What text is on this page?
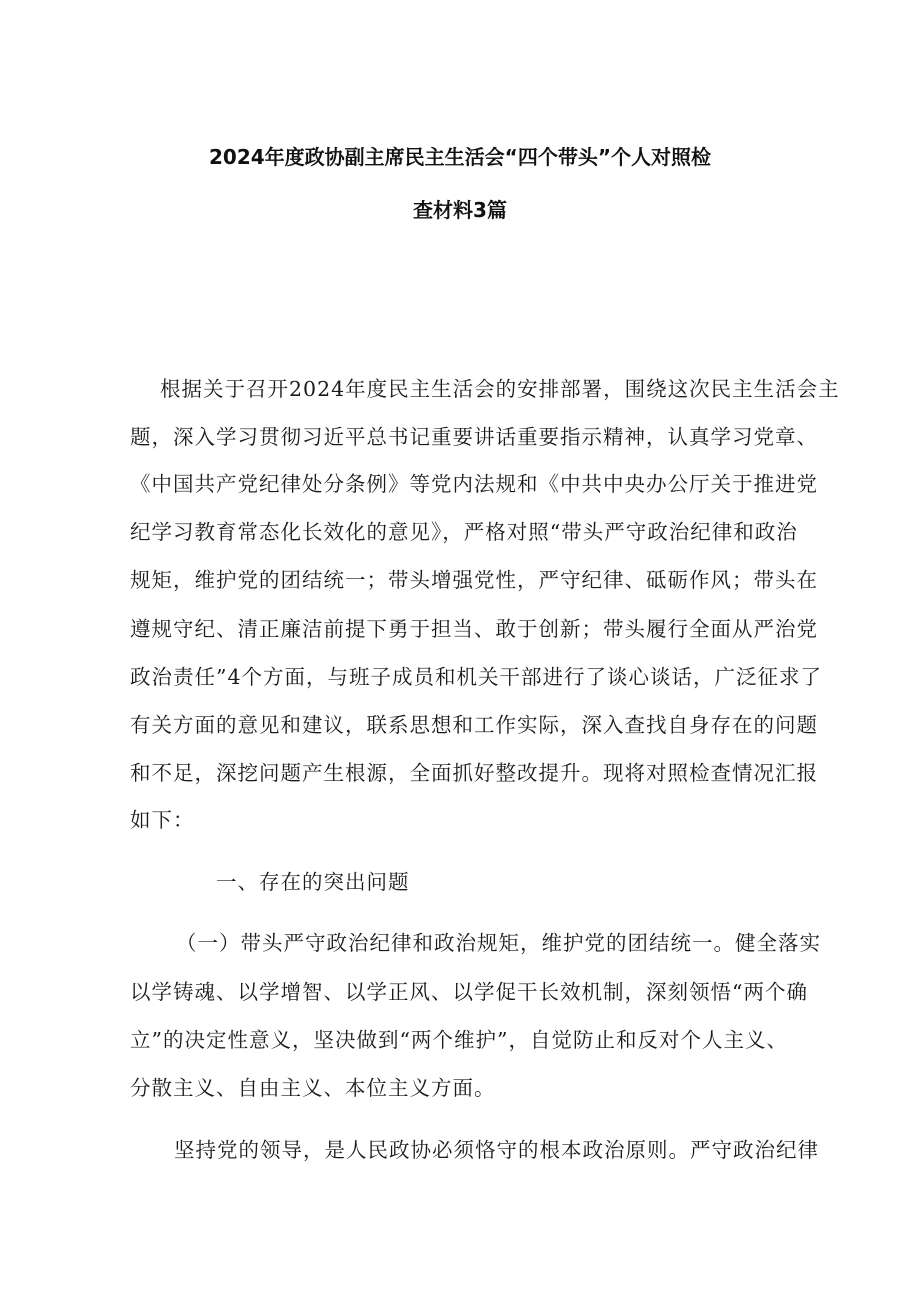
2024年度政协副主席民主生活会“四个带头”个人对照检
查材料3篇
根据关于召开2024年度民主生活会的安排部署，围绕这次民主生活会主
题，深入学习贯彻习近平总书记重要讲话重要指示精神，认真学习党章、
《中国共产党纪律处分条例》等党内法规和《中共中央办公厅关于推进党
纪学习教育常态化长效化的意见》，严格对照“带头严守政治纪律和政治
规矩，维护党的团结统一；带头增强党性，严守纪律、砥砺作风；带头在
遵规守纪、清正廉洁前提下勇于担当、敢于创新；带头履行全面从严治党
政治责任”4个方面，与班子成员和机关干部进行了谈心谈话，广泛征求了
有关方面的意见和建议，联系思想和工作实际，深入查找自身存在的问题
和不足，深挖问题产生根源，全面抓好整改提升。现将对照检查情况汇报
如下：
一、存在的突出问题
（一）带头严守政治纪律和政治规矩，维护党的团结统一。健全落实
以学铸魂、以学增智、以学正风、以学促干长效机制，深刻领悟“两个确
立”的决定性意义，坚决做到“两个维护”，自觉防止和反对个人主义、
分散主义、自由主义、本位主义方面。
坚持党的领导，是人民政协必须恪守的根本政治原则。严守政治纪律
